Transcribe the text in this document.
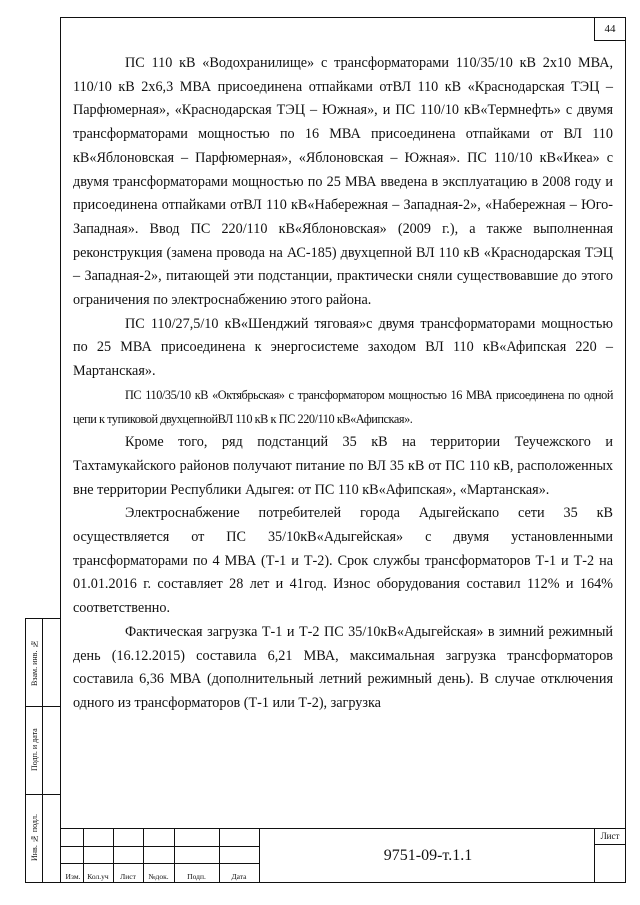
44

ПС 110 кВ «Водохранилище» с трансформаторами 110/35/10 кВ 2х10 МВА, 110/10 кВ 2х6,3 МВА присоединена отпайками отВЛ 110 кВ «Краснодарская ТЭЦ – Парфюмерная», «Краснодарская ТЭЦ – Южная», и ПС 110/10 кВ«Термнефть» с двумя трансформаторами мощностью по 16 МВА присоединена отпайками от ВЛ 110 кВ«Яблоновская – Парфюмерная», «Яблоновская – Южная». ПС 110/10 кВ«Икеа» с двумя трансформаторами мощностью по 25 МВА введена в эксплуатацию в 2008 году и присоединена отпайками отВЛ 110 кВ«Набережная – Западная-2», «Набережная – Юго-Западная». Ввод ПС 220/110 кВ«Яблоновская» (2009 г.), а также выполненная реконструкция (замена провода на АС-185) двухцепной ВЛ 110 кВ «Краснодарская ТЭЦ – Западная-2», питающей эти подстанции, практически сняли существовавшие до этого ограничения по электроснабжению этого района.

ПС 110/27,5/10 кВ«Шенджий тяговая»с двумя трансформаторами мощностью по 25 МВА присоединена к энергосистеме заходом ВЛ 110 кВ«Афипская 220 – Мартанская».

ПС 110/35/10 кВ «Октябрьская» с трансформатором мощностью 16 МВА присоединена по одной цепи к тупиковой двухцепнойВЛ 110 кВ к ПС 220/110 кВ«Афипская».

Кроме того, ряд подстанций 35 кВ на территории Теучежского и Тахтамукайского районов получают питание по ВЛ 35 кВ от ПС 110 кВ, расположенных вне территории Республики Адыгея: от ПС 110 кВ«Афипская», «Мартанская».

Электроснабжение потребителей города Адыгейскапо сети 35 кВ осуществляется от ПС 35/10кВ«Адыгейская» с двумя установленными трансформаторами по 4 МВА (Т-1 и Т-2). Срок службы трансформаторов Т-1 и Т-2 на 01.01.2016 г. составляет 28 лет и 41год. Износ оборудования составил 112% и 164% соответственно.

Фактическая загрузка Т-1 и Т-2 ПС 35/10кВ«Адыгейская» в зимний режимный день (16.12.2015) составила 6,21 МВА, максимальная загрузка трансформаторов составила 6,36 МВА (дополнительный летний режимный день). В случае отключения одного из трансформаторов (Т-1 или Т-2), загрузка

Изм. Кол.уч	Лист	№док.	Подп.	Дата
9751-09-т.1.1
Лист
Взам. инв. №
Подп. и дата
Инв. № подл.
